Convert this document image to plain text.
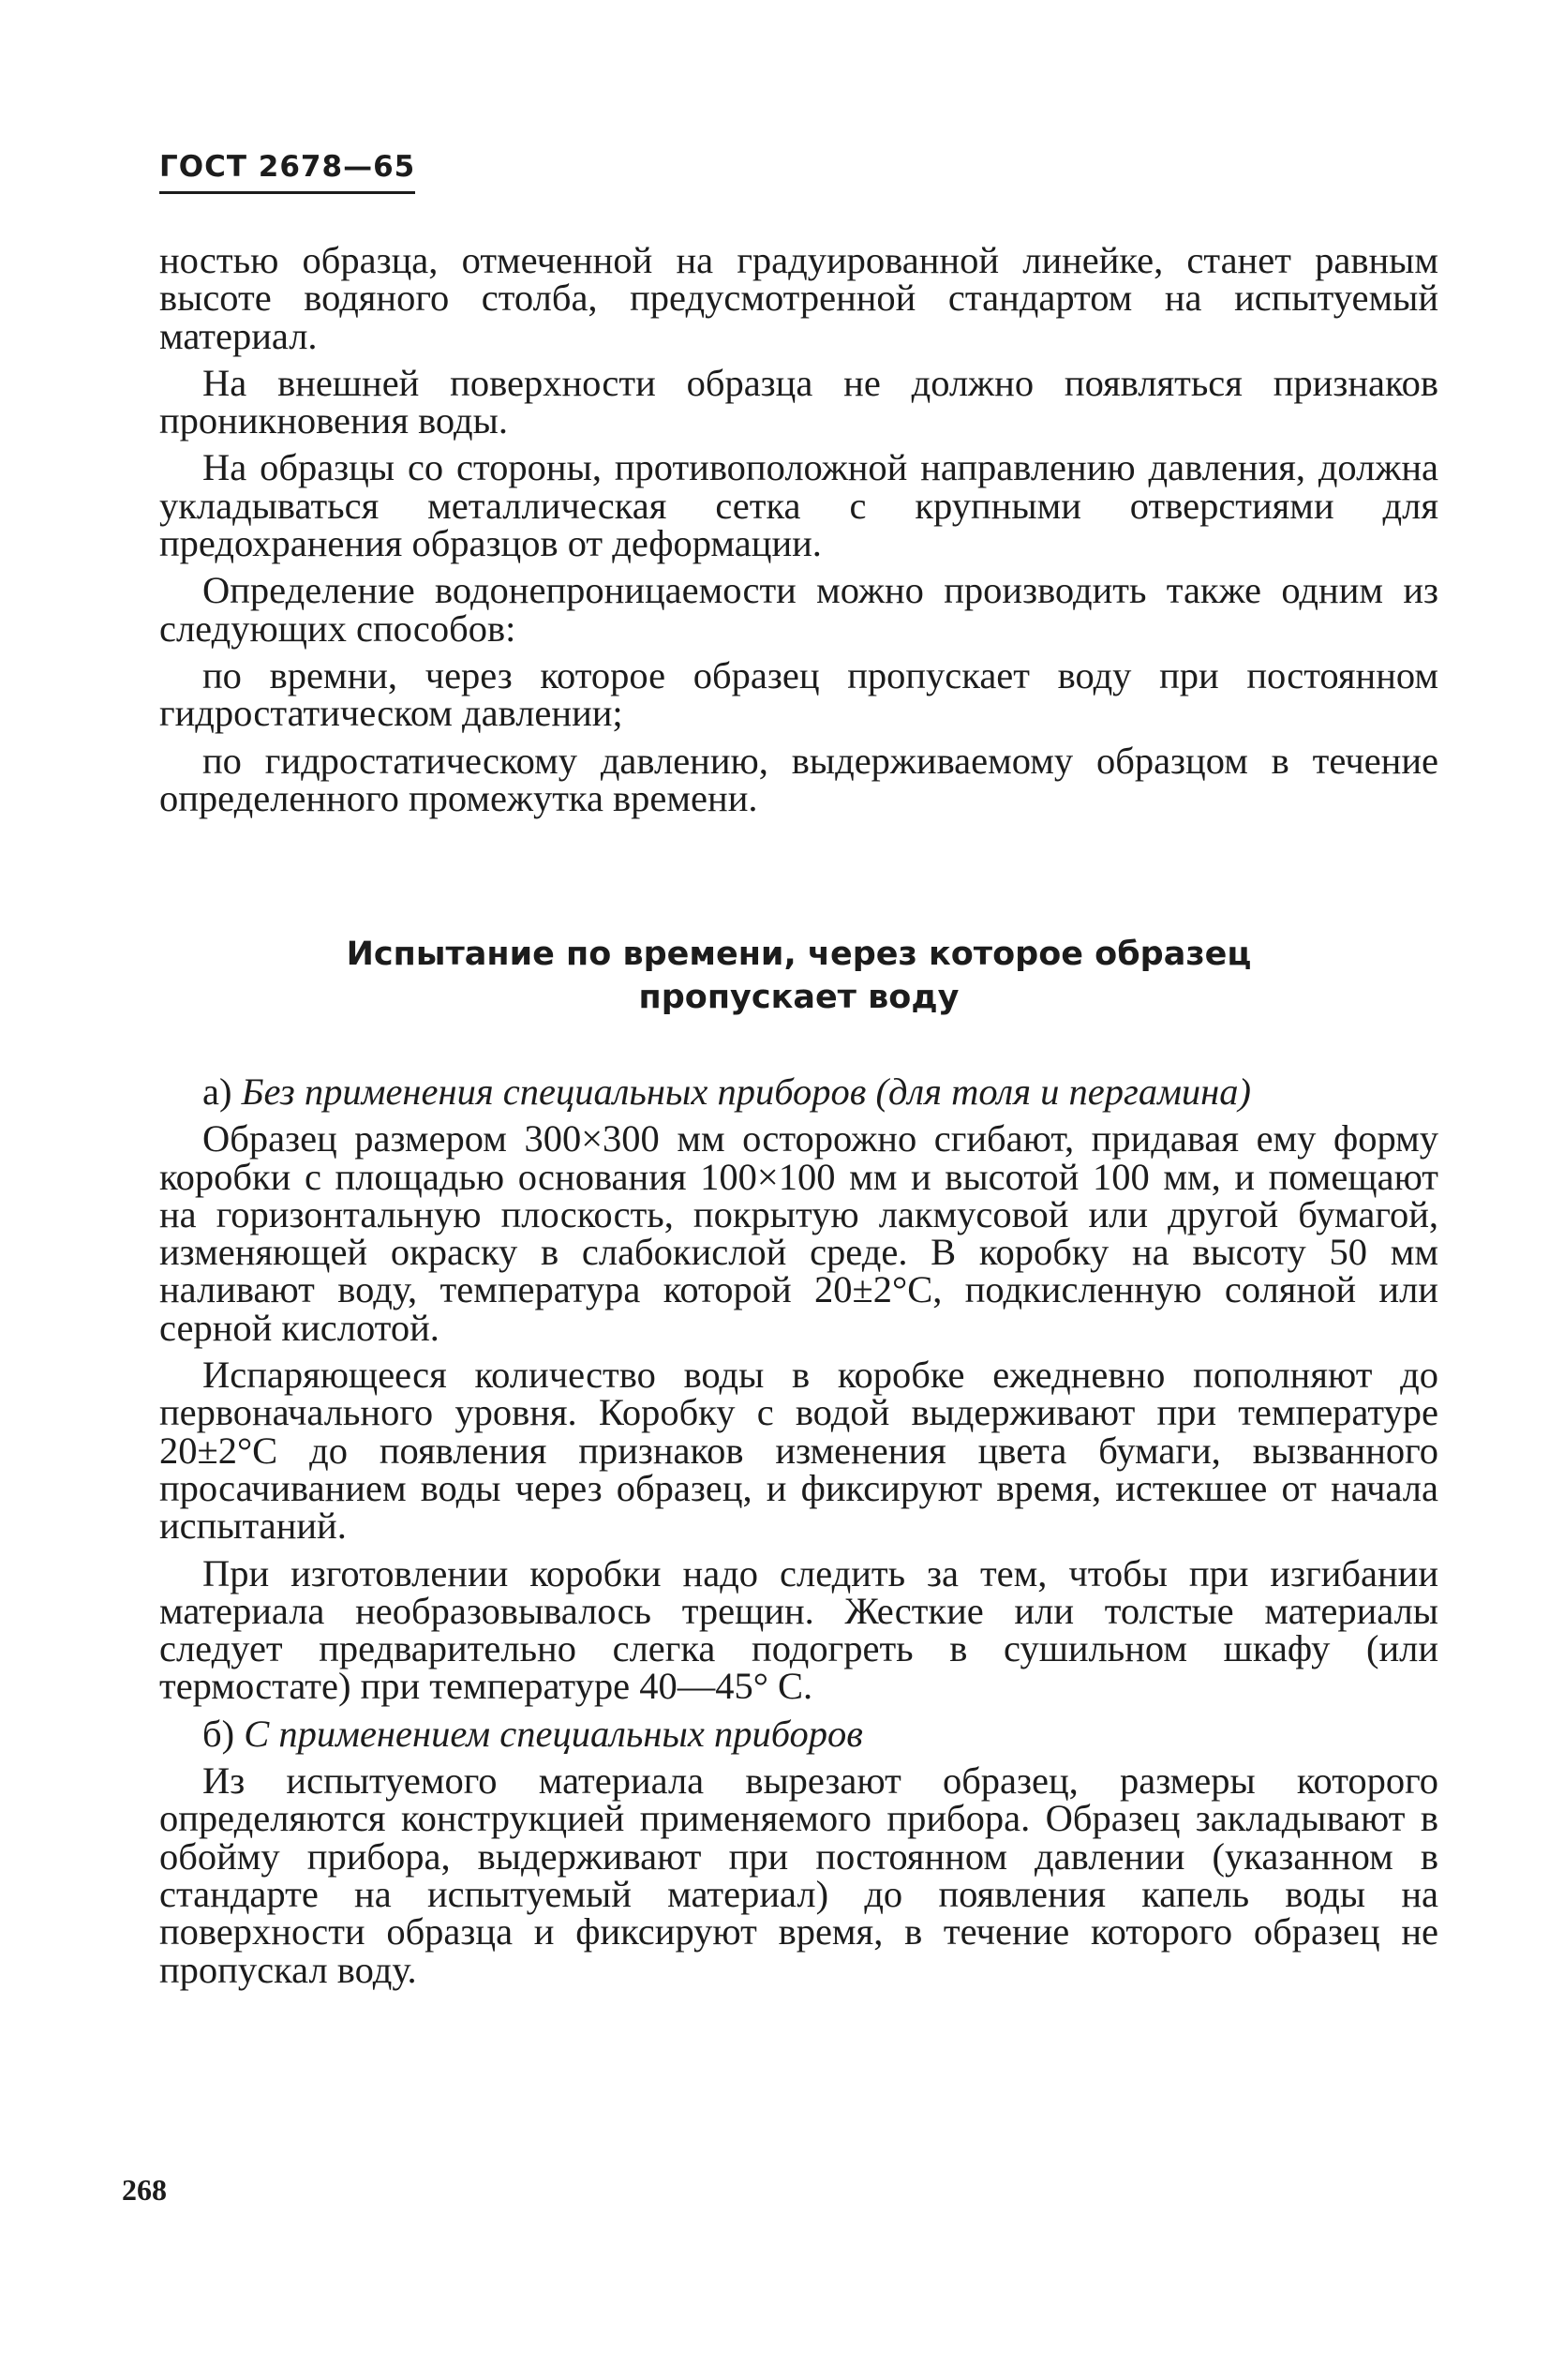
ГОСТ 2678—65

ностью образца, отмеченной на градуированной линейке, станет равным высоте водяного столба, предусмотренной стандартом на испытуемый материал.

На внешней поверхности образца не должно появляться признаков проникновения воды.

На образцы со стороны, противоположной направлению давления, должна укладываться металлическая сетка с крупными отверстиями для предохранения образцов от деформации.

Определение водонепроницаемости можно производить также одним из следующих способов:

по времни, через которое образец пропускает воду при постоянном гидростатическом давлении;

по гидростатическому давлению, выдерживаемому образцом в течение определенного промежутка времени.

Испытание по времени, через которое образец
пропускает воду

а) Без применения специальных приборов (для толя и пергамина)

Образец размером 300×300 мм осторожно сгибают, придавая ему форму коробки с площадью основания 100×100 мм и высотой 100 мм, и помещают на горизонтальную плоскость, покрытую лакмусовой или другой бумагой, изменяющей окраску в слабокислой среде. В коробку на высоту 50 мм наливают воду, температура которой 20±2°С, подкисленную соляной или серной кислотой.

Испаряющееся количество воды в коробке ежедневно пополняют до первоначального уровня. Коробку с водой выдерживают при температуре 20±2°С до появления признаков изменения цвета бумаги, вызванного просачиванием воды через образец, и фиксируют время, истекшее от начала испытаний.

При изготовлении коробки надо следить за тем, чтобы при изгибании материала необразовывалось трещин. Жесткие или толстые материалы следует предварительно слегка подогреть в сушильном шкафу (или термостате) при температуре 40—45° С.

б) С применением специальных приборов

Из испытуемого материала вырезают образец, размеры которого определяются конструкцией применяемого прибора. Образец закладывают в обойму прибора, выдерживают при постоянном давлении (указанном в стандарте на испытуемый материал) до появления капель воды на поверхности образца и фиксируют время, в течение которого образец не пропускал воду.

268
